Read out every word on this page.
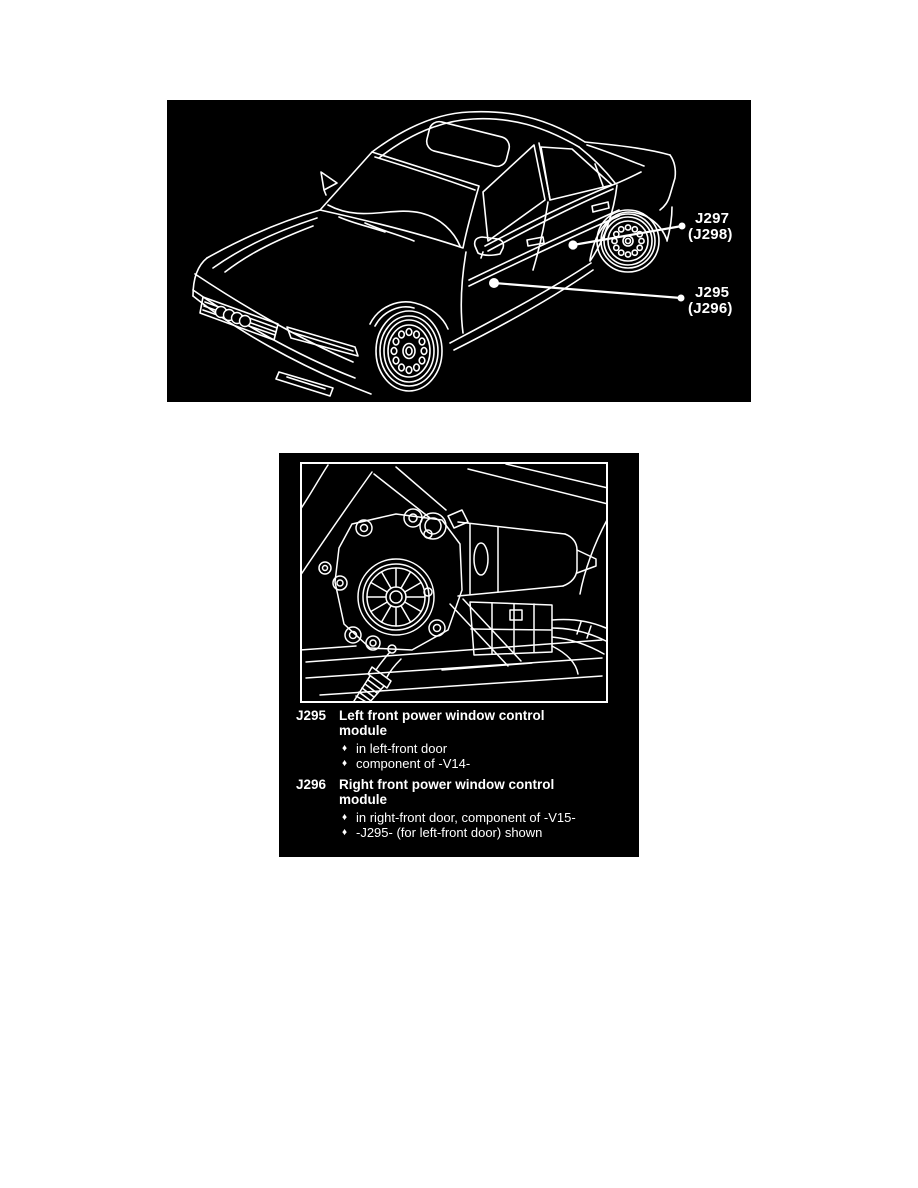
J297
(J298)
J295
(J296)
J295 Left front power window control module
♦ in left-front door
♦ component of -V14-
J296 Right front power window control module
♦ in right-front door, component of -V15-
♦ -J295- (for left-front door) shown
